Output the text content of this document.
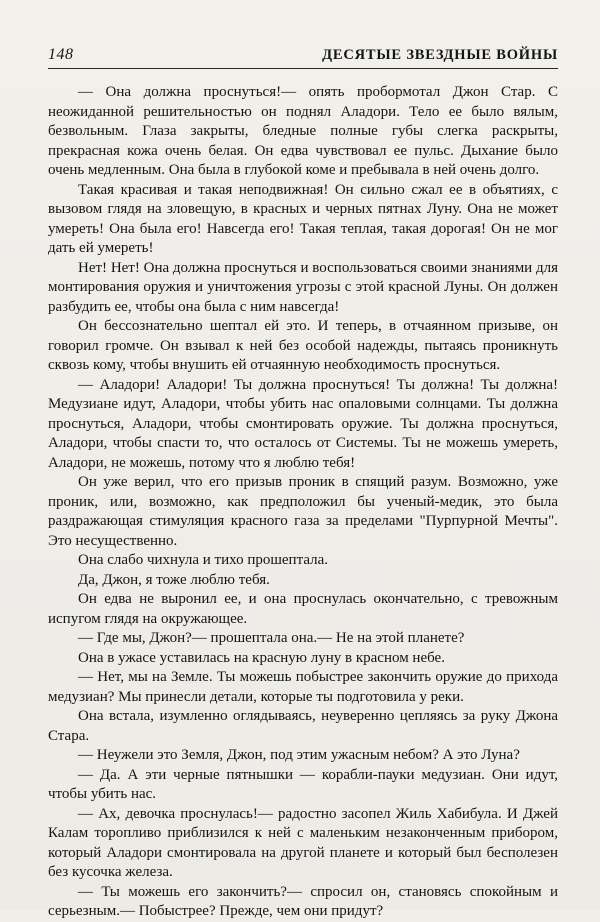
148	ДЕСЯТЫЕ ЗВЕЗДНЫЕ ВОЙНЫ

— Она должна проснуться!— опять пробормотал Джон Стар. С неожиданной решительностью он поднял Аладори. Тело ее было вялым, безвольным. Глаза закрыты, бледные полные губы слегка раскрыты, прекрасная кожа очень белая. Он едва чувствовал ее пульс. Дыхание было очень медленным. Она была в глубокой коме и пребывала в ней очень долго.

Такая красивая и такая неподвижная! Он сильно сжал ее в объятиях, с вызовом глядя на зловещую, в красных и черных пятнах Луну. Она не может умереть! Она была его! Навсегда его! Такая теплая, такая дорогая! Он не мог дать ей умереть!

Нет! Нет! Она должна проснуться и воспользоваться своими знаниями для монтирования оружия и уничтожения угрозы с этой красной Луны. Он должен разбудить ее, чтобы она была с ним навсегда!

Он бессознательно шептал ей это. И теперь, в отчаянном призыве, он говорил громче. Он взывал к ней без особой надежды, пытаясь проникнуть сквозь кому, чтобы внушить ей отчаянную необходимость проснуться.

— Аладори! Аладори! Ты должна проснуться! Ты должна! Ты должна! Медузиане идут, Аладори, чтобы убить нас опаловыми солнцами. Ты должна проснуться, Аладори, чтобы смонтировать оружие. Ты должна проснуться, Аладори, чтобы спасти то, что осталось от Системы. Ты не можешь умереть, Аладори, не можешь, потому что я люблю тебя!

Он уже верил, что его призыв проник в спящий разум. Возможно, уже проник, или, возможно, как предположил бы ученый-медик, это была раздражающая стимуляция красного газа за пределами "Пурпурной Мечты". Это несущественно.

Она слабо чихнула и тихо прошептала.

Да, Джон, я тоже люблю тебя.

Он едва не выронил ее, и она проснулась окончательно, с тревожным испугом глядя на окружающее.

— Где мы, Джон?— прошептала она.— Не на этой планете?

Она в ужасе уставилась на красную луну в красном небе.

— Нет, мы на Земле. Ты можешь побыстрее закончить оружие до прихода медузиан? Мы принесли детали, которые ты подготовила у реки.

Она встала, изумленно оглядываясь, неуверенно цепляясь за руку Джона Стара.

— Неужели это Земля, Джон, под этим ужасным небом? А это Луна?

— Да. А эти черные пятнышки — корабли-пауки медузиан. Они идут, чтобы убить нас.

— Ах, девочка проснулась!— радостно засопел Жиль Хабибула. И Джей Калам торопливо приблизился к ней с маленьким незаконченным прибором, который Аладори смонтировала на другой планете и который был бесполезен без кусочка железа.

— Ты можешь его закончить?— спросил он, становясь спокойным и серьезным.— Побыстрее? Прежде, чем они придут?
